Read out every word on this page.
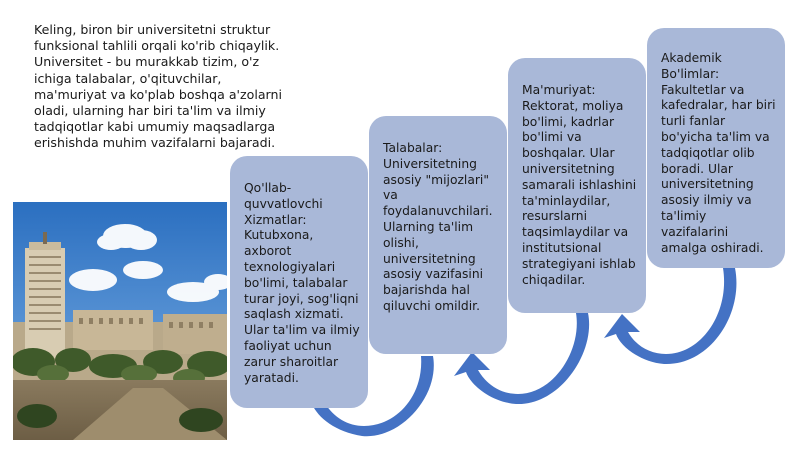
Keling, biron bir universitetni struktur funksional tahlili orqali ko'rib chiqaylik. Universitet - bu murakkab tizim, o'z ichiga talabalar, o'qituvchilar, ma'muriyat va ko'plab boshqa a'zolarni oladi, ularning har biri ta'lim va ilmiy tadqiqotlar kabi umumiy maqsadlarga erishishda muhim vazifalarni bajaradi.

Qo'llab-quvvatlovchi Xizmatlar: Kutubxona, axborot texnologiyalari bo'limi, talabalar turar joyi, sog'liqni saqlash xizmati. Ular ta'lim va ilmiy faoliyat uchun zarur sharoitlar yaratadi.

Talabalar: Universitetning asosiy "mijozlari" va foydalanuvchilari. Ularning ta'lim olishi, universitetning asosiy vazifasini bajarishda hal qiluvchi omildir.

Ma'muriyat: Rektorat, moliya bo'limi, kadrlar bo'limi va boshqalar. Ular universitetning samarali ishlashini ta'minlaydilar, resurslarni taqsimlaydilar va institutsional strategiyani ishlab chiqadilar.

Akademik Bo'limlar: Fakultetlar va kafedralar, har biri turli fanlar bo'yicha ta'lim va tadqiqotlar olib boradi. Ular universitetning asosiy ilmiy va ta'limiy vazifalarini amalga oshiradi.
